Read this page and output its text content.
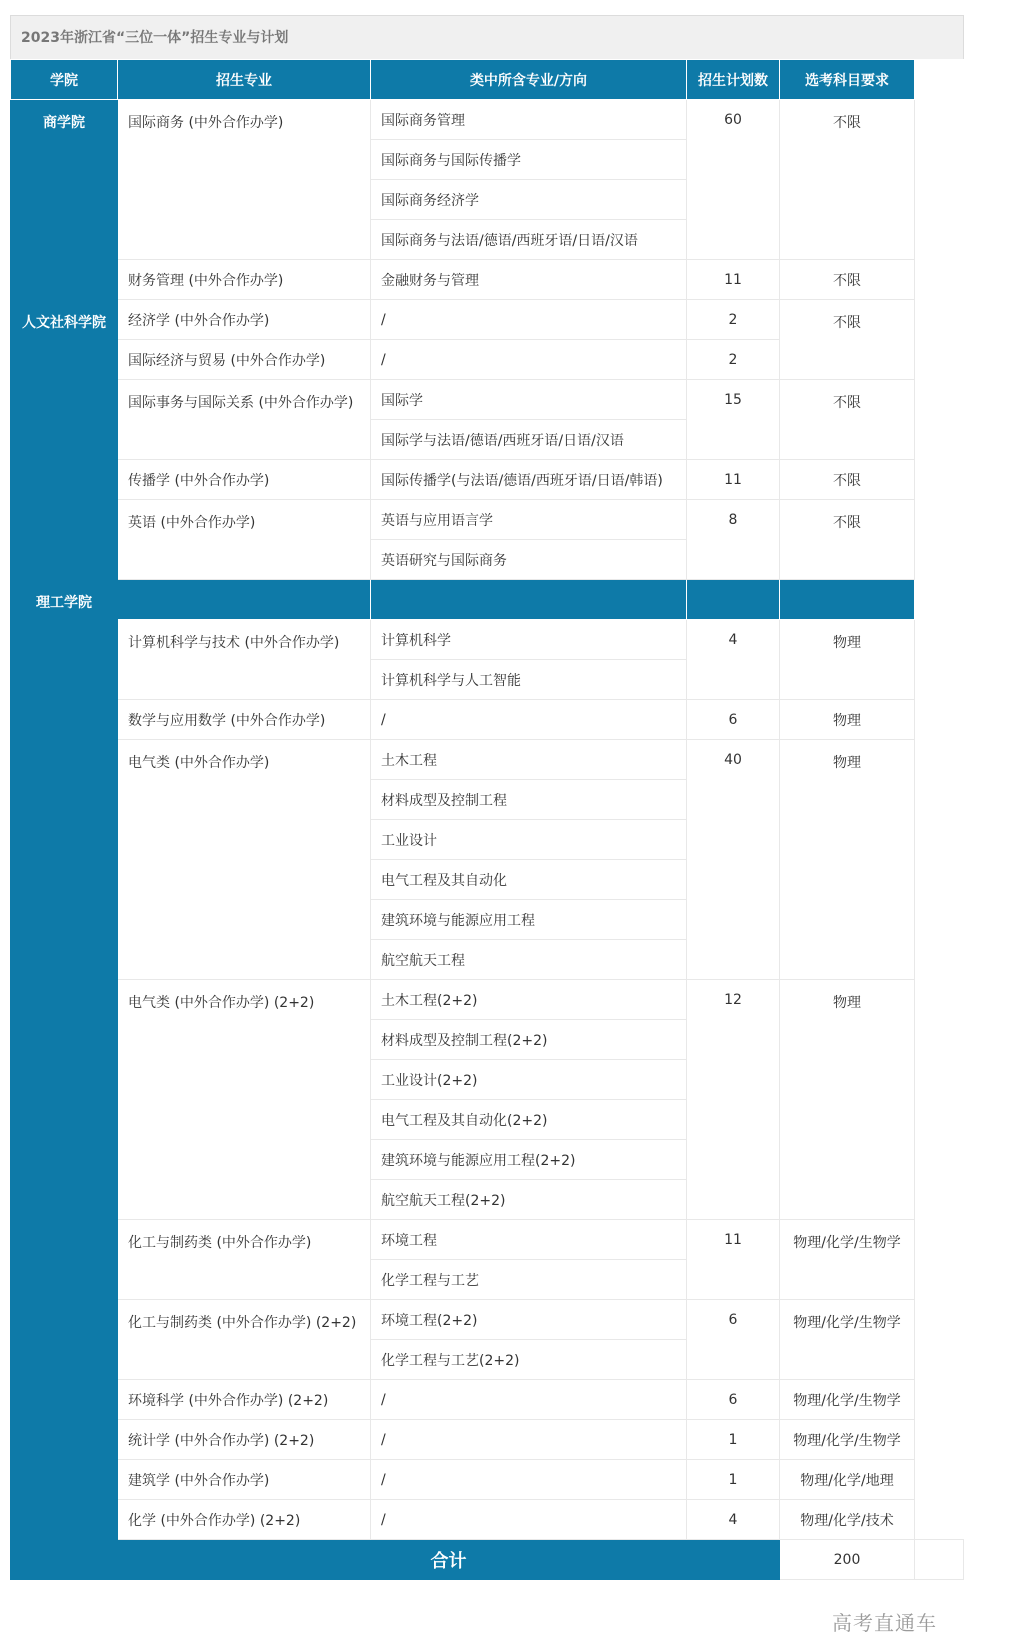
2023年浙江省“三位一体”招生专业与计划
学院	招生专业	类中所含专业/方向	招生计划数	选考科目要求	
商学院	国际商务 (中外合作办学)	国际商务管理	60	不限	
		国际商务与国际传播学			
		国际商务经济学			
		国际商务与法语/德语/西班牙语/日语/汉语			
	财务管理 (中外合作办学)	金融财务与管理	11	不限	
人文社科学院	经济学 (中外合作办学)	/	2	不限	
	国际经济与贸易 (中外合作办学)	/	2		
	国际事务与国际关系 (中外合作办学)	国际学	15	不限	
		国际学与法语/德语/西班牙语/日语/汉语			
	传播学 (中外合作办学)	国际传播学(与法语/德语/西班牙语/日语/韩语)	11	不限	
	英语 (中外合作办学)	英语与应用语言学	8	不限	
		英语研究与国际商务			
理工学院					
	计算机科学与技术 (中外合作办学)	计算机科学	4	物理	
		计算机科学与人工智能			
	数学与应用数学 (中外合作办学)	/	6	物理	
	电气类 (中外合作办学)	土木工程	40	物理	
		材料成型及控制工程			
		工业设计			
		电气工程及其自动化			
		建筑环境与能源应用工程			
		航空航天工程			
	电气类 (中外合作办学) (2+2)	土木工程(2+2)	12	物理	
		材料成型及控制工程(2+2)			
		工业设计(2+2)			
		电气工程及其自动化(2+2)			
		建筑环境与能源应用工程(2+2)			
		航空航天工程(2+2)			
	化工与制药类 (中外合作办学)	环境工程	11	物理/化学/生物学	
		化学工程与工艺			
	化工与制药类 (中外合作办学) (2+2)	环境工程(2+2)	6	物理/化学/生物学	
		化学工程与工艺(2+2)			
	环境科学 (中外合作办学) (2+2)	/	6	物理/化学/生物学	
	统计学 (中外合作办学) (2+2)	/	1	物理/化学/生物学	
	建筑学 (中外合作办学)	/	1	物理/化学/地理	
	化学 (中外合作办学) (2+2)	/	4	物理/化学/技术	
	合计			200	
高考直通车
